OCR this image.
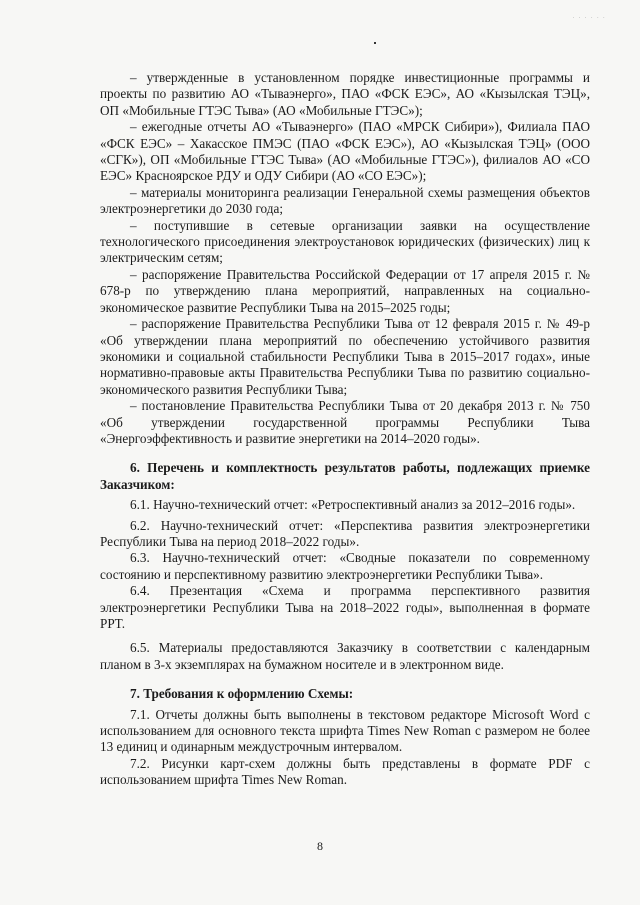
· · · · · ·

– утвержденные в установленном порядке инвестиционные программы и проекты по развитию АО «Тываэнерго», ПАО «ФСК ЕЭС», АО «Кызылская ТЭЦ», ОП «Мобильные ГТЭС Тыва» (АО «Мобильные ГТЭС»);

– ежегодные отчеты АО «Тываэнерго» (ПАО «МРСК Сибири»), Филиала ПАО «ФСК ЕЭС» – Хакасское ПМЭС (ПАО «ФСК ЕЭС»), АО «Кызылская ТЭЦ» (ООО «СГК»), ОП «Мобильные ГТЭС Тыва» (АО «Мобильные ГТЭС»), филиалов АО «СО ЕЭС» Красноярское РДУ и ОДУ Сибири (АО «СО ЕЭС»);

– материалы мониторинга реализации Генеральной схемы размещения объектов электроэнергетики до 2030 года;

– поступившие в сетевые организации заявки на осуществление технологического присоединения электроустановок юридических (физических) лиц к электрическим сетям;

– распоряжение Правительства Российской Федерации от 17 апреля 2015 г. № 678-р по утверждению плана мероприятий, направленных на социально-экономическое развитие Республики Тыва на 2015–2025 годы;

– распоряжение Правительства Республики Тыва от 12 февраля 2015 г. № 49-р «Об утверждении плана мероприятий по обеспечению устойчивого развития экономики и социальной стабильности Республики Тыва в 2015–2017 годах», иные нормативно-правовые акты Правительства Республики Тыва по развитию социально-экономического развития Республики Тыва;

– постановление Правительства Республики Тыва от 20 декабря 2013 г. № 750 «Об утверждении государственной программы Республики Тыва «Энергоэффективность и развитие энергетики на 2014–2020 годы».

6. Перечень и комплектность результатов работы, подлежащих приемке Заказчиком:

6.1. Научно-технический отчет: «Ретроспективный анализ за 2012–2016 годы».

6.2. Научно-технический отчет: «Перспектива развития электроэнергетики Республики Тыва на период 2018–2022 годы».

6.3. Научно-технический отчет: «Сводные показатели по современному состоянию и перспективному развитию электроэнергетики Республики Тыва».

6.4. Презентация «Схема и программа перспективного развития электроэнергетики Республики Тыва на 2018–2022 годы», выполненная в формате PPT.

6.5. Материалы предоставляются Заказчику в соответствии с календарным планом в 3-х экземплярах на бумажном носителе и в электронном виде.

7. Требования к оформлению Схемы:

7.1. Отчеты должны быть выполнены в текстовом редакторе Microsoft Word с использованием для основного текста шрифта Times New Roman с размером не более 13 единиц и одинарным междустрочным интервалом.

7.2. Рисунки карт-схем должны быть представлены в формате PDF с использованием шрифта Times New Roman.

8
